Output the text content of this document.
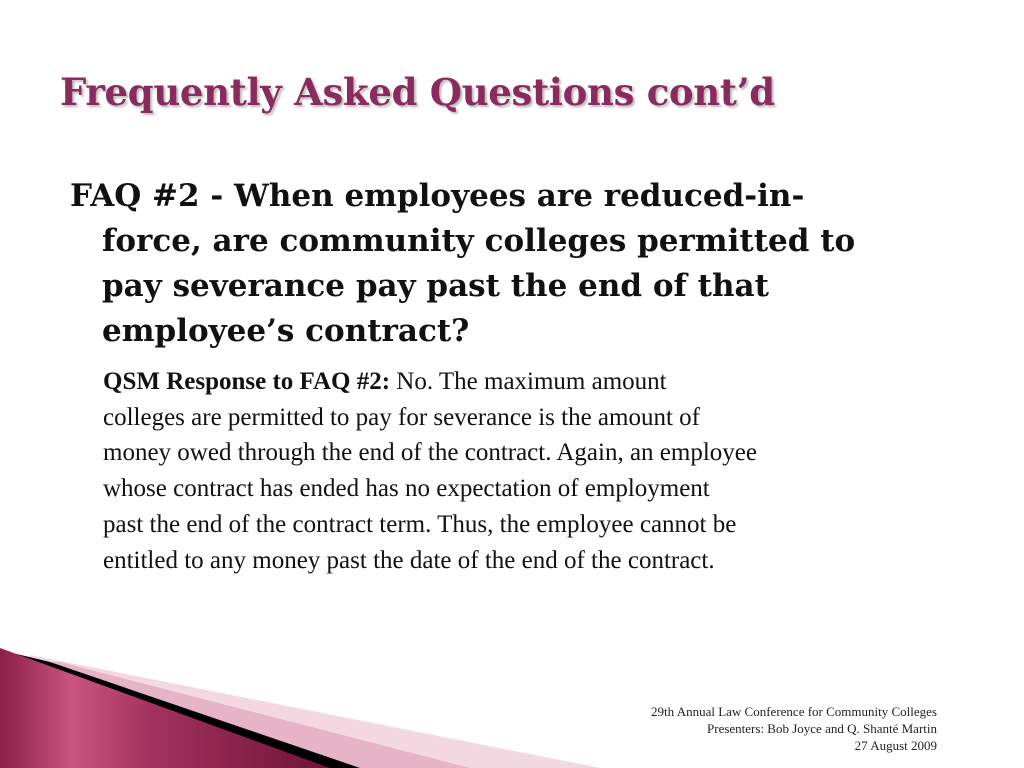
Frequently Asked Questions cont’d
FAQ #2 - When employees are reduced-in-
force, are community colleges permitted to
pay severance pay past the end of that
employee’s contract?
QSM Response to FAQ #2: No. The maximum amount
colleges are permitted to pay for severance is the amount of
money owed through the end of the contract. Again, an employee
whose contract has ended has no expectation of employment
past the end of the contract term. Thus, the employee cannot be
entitled to any money past the date of the end of the contract.
29th Annual Law Conference for Community Colleges
Presenters: Bob Joyce and Q. Shanté Martin
27 August 2009
